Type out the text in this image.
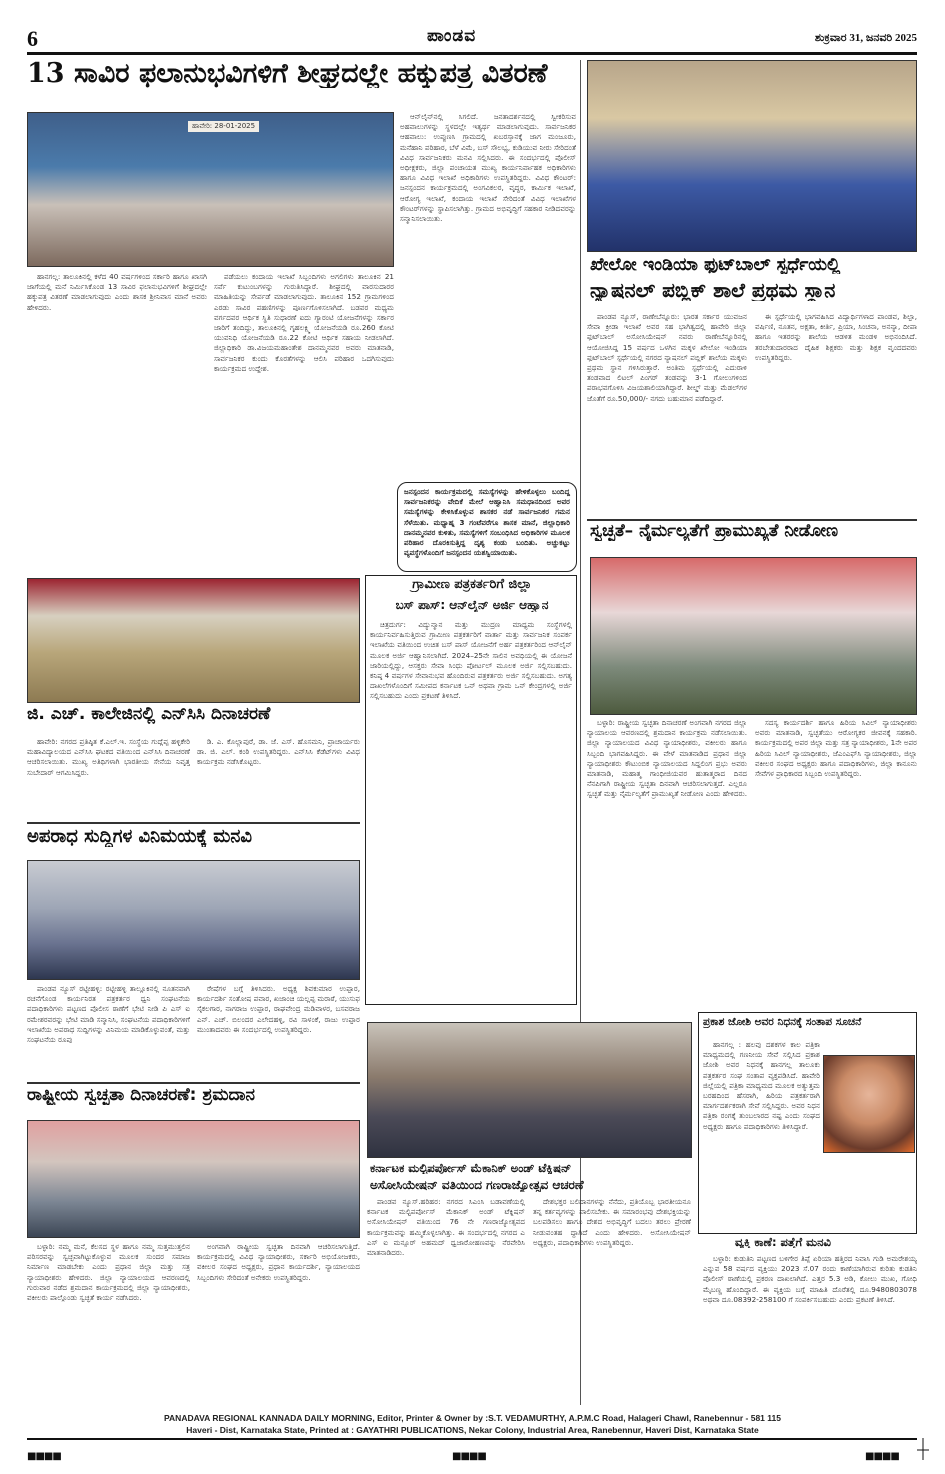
6	ಪಾಂಡವ	ಶುಕ್ರವಾರ 31, ಜನವರಿ 2025
13 ಸಾವಿರ ಫಲಾನುಭವಿಗಳಿಗೆ ಶೀಘ್ರದಲ್ಲೇ ಹಕ್ಕುಪತ್ರ ವಿತರಣೆ
ಹಾವೇರಿ: 28-01-2025

ಹಾನಗಲ್ಲ: ತಾಲೂಕಿನಲ್ಲಿ ಕಳೆದ 40 ವರ್ಷಗಳಿಂದ ಸರ್ಕಾರಿ ಹಾಗೂ ಖಾಸಗಿ ಜಾಗೆಯಲ್ಲಿ ಮನೆ ನಿರ್ಮಿಸಿಕೊಂಡ 13 ಸಾವಿರ ಫಲಾನುಭವಿಗಳಿಗೆ ಶೀಘ್ರದಲ್ಲೇ ಹಕ್ಕುಪತ್ರ ವಿತರಣೆ ಮಾಡಲಾಗುವುದು ಎಂದು ಶಾಸಕ ಶ್ರೀನಿವಾಸ ಮಾನೆ ಅವರು ಹೇಳಿದರು.

ಪಡೆಯಲು ಕಂದಾಯ ಇಲಾಖೆ ಸಿಬ್ಬಂದಿಗಳು ಅಗಲಿಗಳು ತಾಲೂಕಿನ 21 ಸರ್ವೆ ಕುಟುಂಬಗಳನ್ನು ಗುರುತಿಸಿದ್ದಾರೆ. ಶೀಘ್ರದಲ್ಲಿ ವಾರಸುದಾರರ ಮಾಹಿತಿಯನ್ನು ಸೇರ್ಪಡೆ ಮಾಡಲಾಗುವುದು. ತಾಲೂಕಿನ 152 ಗ್ರಾಮಗಳಿಂದ ಎರಡು ಸಾವಿರ ಪಹಣಿಗಳನ್ನು ಪೂರ್ಣಗೊಳಿಸಲಾಗಿದೆ. ಬಡವರ ಮಧ್ಯಮ ವರ್ಗದವರ ಆರ್ಥಿಕ ಸ್ಥಿತಿ ಸುಧಾರಣೆ ಐದು ಗ್ಯಾರಂಟಿ ಯೋಜನೆಗಳನ್ನು ಸರ್ಕಾರ ಜಾರಿಗೆ ತಂದಿದ್ದು, ತಾಲೂಕಿನಲ್ಲಿ ಗೃಹಲಕ್ಷ್ಮಿ ಯೋಜನೆಯಡಿ ರೂ.260 ಕೋಟಿ ಯುವನಿಧಿ ಯೋಜನೆಯಡಿ ರೂ.22 ಕೋಟಿ ಆರ್ಥಿಕ ಸಹಾಯ ನೀಡಲಾಗಿದೆ. ಜಿಲ್ಲಾಧಿಕಾರಿ ಡಾ.ವಿಜಯಮಹಾಂತೇಶ ದಾನಮ್ಮನವರ ಅವರು ಮಾತನಾಡಿ, ಸಾರ್ವಜನಿಕರ ಕುಂದು ಕೊರತೆಗಳನ್ನು ಆಲಿಸಿ ಪರಿಹಾರ ಒದಗಿಸುವುದು ಕಾರ್ಯಕ್ರಮದ ಉದ್ದೇಶ.

ಆನ್‌ಲೈನ್‌ನಲ್ಲಿ ಸಿಗಲಿದೆ. ಜನತಾದರ್ಶನದಲ್ಲಿ ಸ್ವೀಕರಿಸುವ ಅಹವಾಲುಗಳನ್ನು ಸ್ಥಳದಲ್ಲೇ ಇತ್ಯರ್ಥ ಮಾಡಲಾಗುವುದು. ಸಾರ್ವಜನಿಕರ ಆಹವಾಲು: ಉಪ್ಪುಣಸಿ ಗ್ರಾಮದಲ್ಲಿ ಖಬರಸ್ತಾನಕ್ಕೆ ಜಾಗ ಮಂಜೂರು, ಮನೆಹಾನಿ ಪರಿಹಾರ, ಬೆಳೆ ವಿಮೆ, ಬಸ್ ಸೌಲಭ್ಯ, ಕುಡಿಯುವ ನೀರು ಸೇರಿದಂತೆ ವಿವಿಧ ಸಾರ್ವಜನಿಕರು ಮನವಿ ಸಲ್ಲಿಸಿದರು. ಈ ಸಂದರ್ಭದಲ್ಲಿ ಪೊಲೀಸ್ ಅಧೀಕ್ಷಕರು, ಜಿಲ್ಲಾ ಪಂಚಾಯತ ಮುಖ್ಯ ಕಾರ್ಯನಿರ್ವಾಹಕ ಅಧಿಕಾರಿಗಳು ಹಾಗೂ ವಿವಿಧ ಇಲಾಖೆ ಅಧಿಕಾರಿಗಳು ಉಪಸ್ಥಿತರಿದ್ದರು. ವಿವಿಧ ಕೌಂಟರ್: ಜನಸ್ಪಂದನ ಕಾರ್ಯಕ್ರಮದಲ್ಲಿ ಅಂಗವಿಕಲರ, ವೃದ್ಧರ, ಕಾರ್ಮಿಕ ಇಲಾಖೆ, ಆರೋಗ್ಯ ಇಲಾಖೆ, ಕಂದಾಯ ಇಲಾಖೆ ಸೇರಿದಂತೆ ವಿವಿಧ ಇಲಾಖೆಗಳ ಕೌಂಟರ್‌ಗಳನ್ನು ಸ್ಥಾಪಿಸಲಾಗಿತ್ತು. ಗ್ರಾಮದ ಅಭಿವೃದ್ಧಿಗೆ ಸಹಕಾರ ನೀಡಿದವರನ್ನು ಸನ್ಮಾನಿಸಲಾಯಿತು.

ಜನಸ್ಪಂದನ ಕಾರ್ಯಕ್ರಮದಲ್ಲಿ ಸಮಸ್ಯೆಗಳನ್ನು ಹೇಳಿಕೊಳ್ಳಲು ಬಂದಿದ್ದ ಸಾರ್ವಜನಿಕರನ್ನು ವೇದಿಕೆ ಮೇಲೆ ಆಹ್ವಾನಿಸಿ ಸಮಧಾನದಿಂದ ಅವರ ಸಮಸ್ಯೆಗಳನ್ನು ಕೇಳಿಸಿಕೊಳ್ಳುವ ಶಾಸಕರ ನಡೆ ಸಾರ್ವಜನಿಕರ ಗಮನ ಸೆಳೆಯಿತು. ಮಧ್ಯಾಹ್ನ 3 ಗಂಟೆವರೆಗೂ ಶಾಸಕ ಮಾನೆ, ಜಿಲ್ಲಾಧಿಕಾರಿ ದಾನಮ್ಮನವರ ಕುಳಿತು, ಸಮಸ್ಯೆಗಳಿಗೆ ಸಂಬಂಧಿಸಿದ ಅಧಿಕಾರಿಗಳ ಮೂಲಕ ಪರಿಹಾರ ದೊರಕಿಸುತ್ತಿದ್ದ ದೃಶ್ಯ ಕಂಡು ಬಂದಿತು. ಅಚ್ಚುಕಟ್ಟು ವ್ಯವಸ್ಥೆಗಳೊಂದಿಗೆ ಜನಸ್ಪಂದನ ಯಶಸ್ವಿಯಾಯಿತು.
ಖೇಲೋ ಇಂಡಿಯಾ ಫುಟ್‌ಬಾಲ್ ಸ್ಪರ್ಧೆಯಲ್ಲಿ
ನ್ಯಾಷನಲ್ ಪಬ್ಲಿಕ್ ಶಾಲೆ ಪ್ರಥಮ ಸ್ಥಾನ

ಪಾಂಡವ ನ್ಯೂಸ್, ರಾಣೇಬೆನ್ನೂರು: ಭಾರತ ಸರ್ಕಾರ ಯುವಜನ ಸೇವಾ ಕ್ರೀಡಾ ಇಲಾಖೆ ಅವರ ಸಹ ಭಾಗಿತ್ವದಲ್ಲಿ ಹಾವೇರಿ ಜಿಲ್ಲಾ ಫುಟ್‌ಬಾಲ್ ಅಸೋಸಿಯೇಷನ್ ನವರು ರಾಣೇಬೆನ್ನೂರಿನಲ್ಲಿ ಆಯೋಜಿಸಿದ್ದ 15 ವರ್ಷದ ಒಳಗಿನ ಮಕ್ಕಳ ಖೇಲೋ ಇಂಡಿಯಾ ಫುಟ್‌ಬಾಲ್ ಸ್ಪರ್ಧೆಯಲ್ಲಿ ನಗರದ ನ್ಯಾಷನಲ್ ಪಬ್ಲಿಕ್ ಶಾಲೆಯ ಮಕ್ಕಳು ಪ್ರಥಮ ಸ್ಥಾನ ಗಳಿಸಿರುತ್ತಾರೆ. ಅಂತಿಮ ಸ್ಪರ್ಧೆಯಲ್ಲಿ ಎದುರಾಳಿ ತಂಡವಾದ ಲಿಟಲ್ ಪಿಂಗರ್ ತಂಡವನ್ನು 3-1 ಗೋಲುಗಳಿಂದ ಪರಾಭವಗೊಳಿಸಿ ವಿಜಯಶಾಲಿಯಾಗಿದ್ದಾರೆ. ಶೀಲ್ಡ್ ಮತ್ತು ಮೆಡಲ್‌ಗಳ ಜೊತೆಗೆ ರೂ.50,000/- ನಗದು ಬಹುಮಾನ ಪಡೆದಿದ್ದಾರೆ.

ಈ ಸ್ಪರ್ಧೆಯಲ್ಲಿ ಭಾಗವಹಿಸಿದ ವಿದ್ಯಾರ್ಥಿಗಳಾದ ಪಾಂಡವ, ಶಿಲ್ಪಾ, ವರ್ಷಿಣಿ, ನೂತನ, ಅಕ್ಷತಾ, ಕೀರ್ತಿ, ಪ್ರಿಯಾ, ಸಿಂಚನಾ, ಅನನ್ಯಾ, ದೀಪಾ ಹಾಗೂ ಇತರರನ್ನು ಶಾಲೆಯ ಆಡಳಿತ ಮಂಡಳಿ ಅಭಿನಂದಿಸಿದೆ. ತರಬೇತುದಾರರಾದ ದೈಹಿಕ ಶಿಕ್ಷಕರು ಮತ್ತು ಶಿಕ್ಷಕ ವೃಂದದವರು ಉಪಸ್ಥಿತರಿದ್ದರು.

ಸ್ವಚ್ಛತೆ– ನೈರ್ಮಲ್ಯತೆಗೆ ಪ್ರಾಮುಖ್ಯತೆ ನೀಡೋಣ

ಬಳ್ಳಾರಿ: ರಾಷ್ಟ್ರೀಯ ಸ್ವಚ್ಛತಾ ದಿನಾಚರಣೆ ಅಂಗವಾಗಿ ನಗರದ ಜಿಲ್ಲಾ ನ್ಯಾಯಾಲಯ ಆವರಣದಲ್ಲಿ ಶ್ರಮದಾನ ಕಾರ್ಯಕ್ರಮ ನಡೆಸಲಾಯಿತು. ಜಿಲ್ಲಾ ನ್ಯಾಯಾಲಯದ ವಿವಿಧ ನ್ಯಾಯಾಧೀಶರು, ವಕೀಲರು ಹಾಗೂ ಸಿಬ್ಬಂದಿ ಭಾಗವಹಿಸಿದ್ದರು. ಈ ವೇಳೆ ಮಾತನಾಡಿದ ಪ್ರಧಾನ ಜಿಲ್ಲಾ ನ್ಯಾಯಾಧೀಶರು ಕೌಟುಂಬಿಕ ನ್ಯಾಯಾಲಯದ ಸಿದ್ದಲಿಂಗ ಪ್ರಭು ಅವರು ಮಾತನಾಡಿ, ಮಹಾತ್ಮ ಗಾಂಧೀಜಿಯವರ ಹುತಾತ್ಮರಾದ ದಿನದ ನೆನಪಿಗಾಗಿ ರಾಷ್ಟ್ರೀಯ ಸ್ವಚ್ಛತಾ ದಿನವಾಗಿ ಆಚರಿಸಲಾಗುತ್ತದೆ. ಎಲ್ಲರೂ ಸ್ವಚ್ಛತೆ ಮತ್ತು ನೈರ್ಮಲ್ಯತೆಗೆ ಪ್ರಾಮುಖ್ಯತೆ ನೀಡೋಣ ಎಂದು ಹೇಳಿದರು.

ಸದಸ್ಯ ಕಾರ್ಯದರ್ಶಿ ಹಾಗೂ ಹಿರಿಯ ಸಿವಿಲ್ ನ್ಯಾಯಾಧೀಶರು ಅವರು ಮಾತನಾಡಿ, ಸ್ವಚ್ಛತೆಯು ಆರೋಗ್ಯಕರ ಜೀವನಕ್ಕೆ ಸಹಕಾರಿ. ಕಾರ್ಯಕ್ರಮದಲ್ಲಿ ಅಪರ ಜಿಲ್ಲಾ ಮತ್ತು ಸತ್ರ ನ್ಯಾಯಾಧೀಶರು, 1ನೇ ಅಪರ ಹಿರಿಯ ಸಿವಿಲ್ ನ್ಯಾಯಾಧೀಶರು, ಜೆಎಂಎಫ್‌ಸಿ ನ್ಯಾಯಾಧೀಶರು, ಜಿಲ್ಲಾ ವಕೀಲರ ಸಂಘದ ಅಧ್ಯಕ್ಷರು ಹಾಗೂ ಪದಾಧಿಕಾರಿಗಳು, ಜಿಲ್ಲಾ ಕಾನೂನು ಸೇವೆಗಳ ಪ್ರಾಧಿಕಾರದ ಸಿಬ್ಬಂದಿ ಉಪಸ್ಥಿತರಿದ್ದರು.

ಗ್ರಾಮೀಣ ಪತ್ರಕರ್ತರಿಗೆ ಜಿಲ್ಲಾ
ಬಸ್ ಪಾಸ್: ಆನ್‌ಲೈನ್ ಅರ್ಜಿ ಆಹ್ವಾನ

ಚಿತ್ರದುರ್ಗ: ವಿದ್ಯುನ್ಮಾನ ಮತ್ತು ಮುದ್ರಣ ಮಾಧ್ಯಮ ಸಂಸ್ಥೆಗಳಲ್ಲಿ ಕಾರ್ಯನಿರ್ವಹಿಸುತ್ತಿರುವ ಗ್ರಾಮೀಣ ಪತ್ರಕರ್ತರಿಗೆ ವಾರ್ತಾ ಮತ್ತು ಸಾರ್ವಜನಿಕ ಸಂಪರ್ಕ ಇಲಾಖೆಯ ವತಿಯಿಂದ ಉಚಿತ ಬಸ್ ಪಾಸ್ ಯೋಜನೆಗೆ ಅರ್ಹ ಪತ್ರಕರ್ತರಿಂದ ಆನ್‌ಲೈನ್ ಮೂಲಕ ಅರ್ಜಿ ಆಹ್ವಾನಿಸಲಾಗಿದೆ. 2024–25ನೇ ಸಾಲಿನ ಅವಧಿಯಲ್ಲಿ ಈ ಯೋಜನೆ ಜಾರಿಯಲ್ಲಿದ್ದು, ಆಸಕ್ತರು ಸೇವಾ ಸಿಂಧು ಪೋರ್ಟಲ್ ಮೂಲಕ ಅರ್ಜಿ ಸಲ್ಲಿಸಬಹುದು. ಕನಿಷ್ಠ 4 ವರ್ಷಗಳ ಸೇವಾನುಭವ ಹೊಂದಿರುವ ಪತ್ರಕರ್ತರು ಅರ್ಜಿ ಸಲ್ಲಿಸಬಹುದು. ಅಗತ್ಯ ದಾಖಲೆಗಳೊಂದಿಗೆ ಸಮೀಪದ ಕರ್ನಾಟಕ ಒನ್ ಅಥವಾ ಗ್ರಾಮ ಒನ್ ಕೇಂದ್ರಗಳಲ್ಲಿ ಅರ್ಜಿ ಸಲ್ಲಿಸಬಹುದು ಎಂದು ಪ್ರಕಟಣೆ ತಿಳಿಸಿದೆ.

ಜಿ. ಎಚ್. ಕಾಲೇಜಿನಲ್ಲಿ ಎನ್‌ಸಿಸಿ ದಿನಾಚರಣೆ

ಹಾವೇರಿ: ನಗರದ ಪ್ರತಿಷ್ಠಿತ ಕೆ.ಎಲ್.ಇ. ಸಂಸ್ಥೆಯ ಗುದ್ಲೆಪ್ಪ ಹಳ್ಳಿಕೇರಿ ಮಹಾವಿದ್ಯಾಲಯದ ಎನ್‌ಸಿಸಿ ಘಟಕದ ವತಿಯಿಂದ ಎನ್‌ಸಿಸಿ ದಿನಾಚರಣೆ ಆಚರಿಸಲಾಯಿತು. ಮುಖ್ಯ ಅತಿಥಿಗಳಾಗಿ ಭಾರತೀಯ ಸೇನೆಯ ನಿವೃತ್ತ ಸುಬೇದಾರ್ ಆಗಮಿಸಿದ್ದರು.

ಡಿ. ಎ. ಕೊಲ್ಲಾಪುರೆ, ಡಾ. ಜೆ. ಎಸ್. ಹೊಸಮನಿ, ಪ್ರಾಚಾರ್ಯರು ಡಾ. ಜಿ. ಎಲ್. ಕಂಠಿ ಉಪಸ್ಥಿತರಿದ್ದರು. ಎನ್‌ಸಿಸಿ ಕೆಡೆಟ್‌ಗಳು ವಿವಿಧ ಕಾರ್ಯಕ್ರಮ ನಡೆಸಿಕೊಟ್ಟರು.

ಅಪರಾಧ ಸುದ್ದಿಗಳ ವಿನಿಮಯಕ್ಕೆ ಮನವಿ

ಪಾಂಡವ ನ್ಯೂಸ್ ರಟ್ಟೀಹಳ್ಳಿ: ರಟ್ಟೀಹಳ್ಳಿ ತಾಲ್ಲೂಕಿನಲ್ಲಿ ನೂತನವಾಗಿ ರಚನೆಗೊಂಡ ಕಾರ್ಯನಿರತ ಪತ್ರಕರ್ತರ ಧ್ವನಿ ಸಂಘಟನೆಯ ಪದಾಧಿಕಾರಿಗಳು ಪಟ್ಟಣದ ಪೊಲೀಸ ಠಾಣೆಗೆ ಭೇಟಿ ನೀಡಿ ಪಿ ಎಸ್ ಐ ರಮೇಶರವರನ್ನು ಭೇಟಿ ಮಾಡಿ ಸನ್ಮಾನಿಸಿ, ಸಂಘಟನೆಯ ಪದಾಧಿಕಾರಿಗಳಿಗೆ ಇಲಾಖೆಯ ಅಪರಾಧ ಸುದ್ದಿಗಳನ್ನು ವಿನಿಮಯ ಮಾಡಿಕೊಳ್ಳುವಂತೆ, ಮತ್ತು ಸಂಘಟನೆಯ ರೂಪು

ರೇಷೆಗಳ ಬಗ್ಗೆ ತಿಳಿಸಿದರು. ಅಧ್ಯಕ್ಷ ಶಿವಕುಮಾರ ಉಪ್ಪಾರ, ಕಾರ್ಯದರ್ಶಿ ಸಂತೋಷ ಪವಾರ, ಖಜಾಂಚಿ ಯಲ್ಲಪ್ಪ ಮರಾಠೆ, ಯುಸುಫ ಸೈಕಲಗಾರ, ನಾಗರಾಜ ಉಪ್ಪಾರ, ರಾಘವೇಂದ್ರ ಮಡಿವಾಳರ, ಬಸವರಾಜ ಎನ್. ಎಚ್. ಬಿಲಂದರ ಎಲೇದಹಳ್ಳಿ, ರವಿ ಸಾಳಂಕೆ, ರಾಜು ಉಪ್ಪಾರ ಮುಂತಾದವರು ಈ ಸಂದರ್ಭದಲ್ಲಿ ಉಪಸ್ಥಿತರಿದ್ದರು.

ರಾಷ್ಟ್ರೀಯ ಸ್ವಚ್ಛತಾ ದಿನಾಚರಣೆ: ಶ್ರಮದಾನ

ಬಳ್ಳಾರಿ: ನಮ್ಮ ಮನೆ, ಕೆಲಸದ ಸ್ಥಳ ಹಾಗೂ ನಮ್ಮ ಸುತ್ತಮುತ್ತಲಿನ ಪರಿಸರವನ್ನು ಸ್ವಚ್ಛವಾಗಿಟ್ಟುಕೊಳ್ಳುವ ಮೂಲಕ ಸುಂದರ ಸಮಾಜ ನಿರ್ಮಾಣ ಮಾಡಬೇಕು ಎಂದು ಪ್ರಧಾನ ಜಿಲ್ಲಾ ಮತ್ತು ಸತ್ರ ನ್ಯಾಯಾಧೀಶರು ಹೇಳಿದರು. ಜಿಲ್ಲಾ ನ್ಯಾಯಾಲಯದ ಆವರಣದಲ್ಲಿ ಗುರುವಾರ ನಡೆದ ಶ್ರಮದಾನ ಕಾರ್ಯಕ್ರಮದಲ್ಲಿ ಜಿಲ್ಲಾ ನ್ಯಾಯಾಧೀಶರು, ವಕೀಲರು ಪಾಲ್ಗೊಂಡು ಸ್ವಚ್ಛತೆ ಕಾರ್ಯ ನಡೆಸಿದರು.

ಅಂಗವಾಗಿ ರಾಷ್ಟ್ರೀಯ ಸ್ವಚ್ಛತಾ ದಿನವಾಗಿ ಆಚರಿಸಲಾಗುತ್ತಿದೆ. ಕಾರ್ಯಕ್ರಮದಲ್ಲಿ ವಿವಿಧ ನ್ಯಾಯಾಧೀಶರು, ಸರ್ಕಾರಿ ಅಭಿಯೋಜಕರು, ವಕೀಲರ ಸಂಘದ ಅಧ್ಯಕ್ಷರು, ಪ್ರಧಾನ ಕಾರ್ಯದರ್ಶಿ, ನ್ಯಾಯಾಲಯದ ಸಿಬ್ಬಂದಿಗಳು ಸೇರಿದಂತೆ ಅನೇಕರು ಉಪಸ್ಥಿತರಿದ್ದರು.

ಕರ್ನಾಟಕ ಮಲ್ಟಿಪರ್ಪೋಸ್ ಮೆಕಾನಿಕ್ ಅಂಡ್ ಟೆಕ್ನಿಷನ್
ಅಸೋಸಿಯೇಷನ್ ವತಿಯಿಂದ ಗಣರಾಜ್ಯೋತ್ಸವ ಆಚರಣೆ

ಪಾಂಡವ ನ್ಯೂಸ್.ಹರಿಹರ: ನಗರದ ಸಿಎಂಸಿ ಬಡಾವಣೆಯಲ್ಲಿ ಕರ್ನಾಟಕ ಮಲ್ಟಿಪರ್ಪೋಸ್ ಮೆಕಾನಿಕ್ ಅಂಡ್ ಟೆಕ್ನಿಷನ್ ಅಸೋಸಿಯೇಷನ್ ವತಿಯಿಂದ 76 ನೇ ಗಣರಾಜ್ಯೋತ್ಸವದ ಕಾರ್ಯಕ್ರಮವನ್ನು ಹಮ್ಮಿಕೊಳ್ಳಲಾಗಿತ್ತು. ಈ ಸಂದರ್ಭದಲ್ಲಿ ನಗರದ ಎ ಎಸ್ ಐ ಮನ್ಸೂರ್ ಅಹಮದ್ ಧ್ವಜಾರೋಹಣವನ್ನು ನೆರವೇರಿಸಿ ಮಾತನಾಡಿದರು.

ದೇಶಭಕ್ತರ ಬಲಿದಾನಗಳನ್ನು ನೆನೆದು, ಪ್ರತಿಯೊಬ್ಬ ಭಾರತೀಯನೂ ತನ್ನ ಕರ್ತವ್ಯಗಳನ್ನು ಪಾಲಿಸಬೇಕು. ಈ ಸಮಾರಂಭವು ದೇಶಭಕ್ತಿಯನ್ನು ಬಲಪಡಿಸಲು ಹಾಗೂ ದೇಶದ ಅಭಿವೃದ್ಧಿಗೆ ಬದಲು ತರಲು ಪ್ರೇರಣೆ ನೀಡುವಂತಹ ದ್ದಾಗಿದೆ ಎಂದು ಹೇಳಿದರು. ಅಸೋಸಿಯೇಷನ್ ಅಧ್ಯಕ್ಷರು, ಪದಾಧಿಕಾರಿಗಳು ಉಪಸ್ಥಿತರಿದ್ದರು.

ಪ್ರಕಾಶ ಜೋಶಿ ಅವರ ನಿಧನಕ್ಕೆ ಸಂತಾಪ ಸೂಚನೆ

ಹಾನಗಲ್ಲ : ಹಲವು ದಶಕಗಳ ಕಾಲ ಪತ್ರಿಕಾ ಮಾಧ್ಯಮದಲ್ಲಿ ಗಣನೀಯ ಸೇವೆ ಸಲ್ಲಿಸಿದ ಪ್ರಕಾಶ ಜೋಶಿ ಅವರ ನಿಧನಕ್ಕೆ ಹಾನಗಲ್ಲ ತಾಲೂಕು ಪತ್ರಕರ್ತರ ಸಂಘ ಸಂತಾಪ ವ್ಯಕ್ತಪಡಿಸಿದೆ. ಹಾವೇರಿ ಜಿಲ್ಲೆಯಲ್ಲಿ ಪತ್ರಿಕಾ ಮಾಧ್ಯಮದ ಮೂಲಕ ಅತ್ಯುತ್ತಮ ಬರಹದಿಂದ ಹೆಸರಾಗಿ, ಹಿರಿಯ ಪತ್ರಕರ್ತರಾಗಿ ಮಾರ್ಗದರ್ಶಕರಾಗಿ ಸೇವೆ ಸಲ್ಲಿಸಿದ್ದರು. ಅವರ ನಿಧನ ಪತ್ರಿಕಾ ರಂಗಕ್ಕೆ ತುಂಬಲಾರದ ನಷ್ಟ ಎಂದು ಸಂಘದ ಅಧ್ಯಕ್ಷರು ಹಾಗೂ ಪದಾಧಿಕಾರಿಗಳು ತಿಳಿಸಿದ್ದಾರೆ.

ವ್ಯಕ್ತಿ ಕಾಣೆ: ಪತ್ತೆಗೆ ಮನವಿ

ಬಳ್ಳಾರಿ: ಕುಡುತಿನಿ ಪಟ್ಟಣದ ಬಳಿಗೇರ ತಿಪ್ಪೆ ಏರಿಯಾ ಹತ್ತಿರದ ನಿವಾಸಿ ಗುಡಿ ಅಮರೇಶಯ್ಯ ಎನ್ನುವ 58 ವರ್ಷದ ವ್ಯಕ್ತಿಯು 2023 ಸೆ.07 ರಂದು ಕಾಣೆಯಾಗಿರುವ ಕುರಿತು ಕುಡತಿನಿ ಪೊಲೀಸ್ ಠಾಣೆಯಲ್ಲಿ ಪ್ರಕರಣ ದಾಖಲಾಗಿದೆ. ಎತ್ತರ 5.3 ಅಡಿ, ಕೋಲು ಮುಖ, ಗೋಧಿ ಮೈಬಣ್ಣ ಹೊಂದಿದ್ದಾರೆ. ಈ ವ್ಯಕ್ತಿಯ ಬಗ್ಗೆ ಮಾಹಿತಿ ದೊರೆತಲ್ಲಿ ದೂ.9480803078 ಅಥವಾ ದೂ.08392-258100 ಗೆ ಸಂಪರ್ಕಿಸಬಹುದು ಎಂದು ಪ್ರಕಟಣೆ ತಿಳಿಸಿದೆ.

PANADAVA REGIONAL KANNADA DAILY MORNING, Editor, Printer & Owner by :S.T. VEDAMURTHY, A.P.M.C Road, Halageri Chawl, Ranebennur - 581 115
Haveri - Dist, Karnataka State, Printed at : GAYATHRI PUBLICATIONS, Nekar Colony, Industrial Area, Ranebennur, Haveri Dist, Karnataka State
■■■■	■■■■	■■■■
